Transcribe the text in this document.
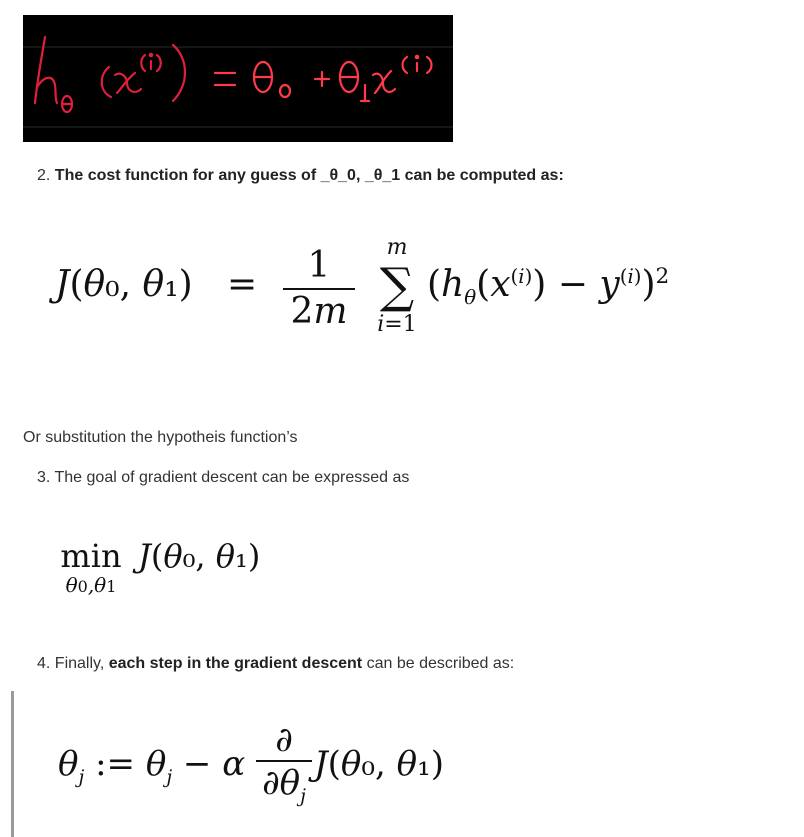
2. The cost function for any guess of _θ_0, _θ_1 can be computed as:
J(θ₀, θ₁) =	1
2m
m
∑
i=1
$(h_\theta(x^{(i)}) - y^{(i)})^2$
Or substitution the hypotheis function’s
3. The goal of gradient descent can be expressed as
min
θ0,θ1
J(θ₀, θ₁)
4. Finally, each step in the gradient descent can be described as:
$\theta_j$ := $\theta_j - \alpha$
∂
$\partial\theta_j$
J(θ₀, θ₁)
